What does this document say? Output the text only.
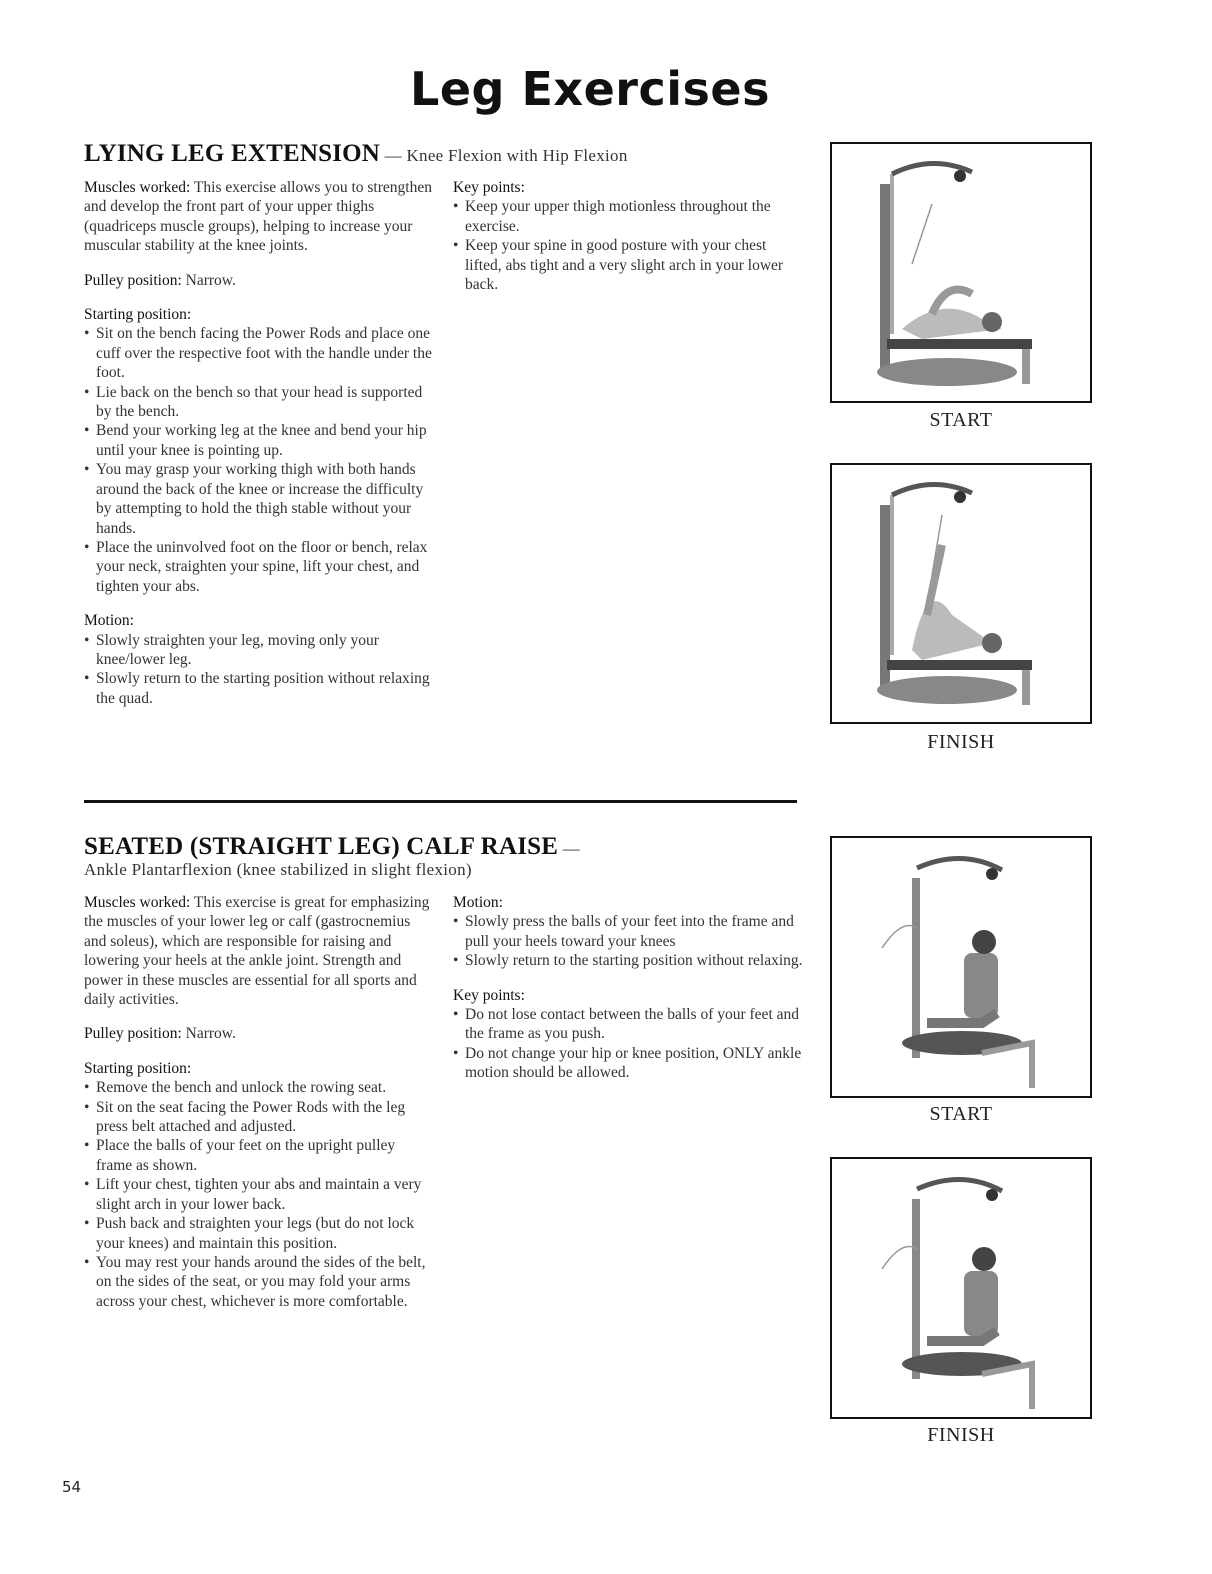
Leg Exercises
LYING LEG EXTENSION — Knee Flexion with Hip Flexion

Muscles worked: This exercise allows you to strengthen and develop the front part of your upper thighs (quadriceps muscle groups), helping to increase your muscular stability at the knee joints.

Pulley position: Narrow.

Starting position:
• Sit on the bench facing the Power Rods and place one cuff over the respective foot with the handle under the foot.
• Lie back on the bench so that your head is supported by the bench.
• Bend your working leg at the knee and bend your hip until your knee is pointing up.
• You may grasp your working thigh with both hands around the back of the knee or increase the difficulty by attempting to hold the thigh stable without your hands.
• Place the uninvolved foot on the floor or bench, relax your neck, straighten your spine, lift your chest, and tighten your abs.
Motion:
• Slowly straighten your leg, moving only your knee/lower leg.
• Slowly return to the starting position without relaxing the quad.
Key points:
• Keep your upper thigh motionless throughout the exercise.
• Keep your spine in good posture with your chest lifted, abs tight and a very slight arch in your lower back.
START
FINISH
SEATED (STRAIGHT LEG) CALF RAISE —
Ankle Plantarflexion (knee stabilized in slight flexion)

Muscles worked: This exercise is great for emphasizing the muscles of your lower leg or calf (gastrocnemius and soleus), which are responsible for raising and lowering your heels at the ankle joint. Strength and power in these muscles are essential for all sports and daily activities.

Pulley position: Narrow.

Starting position:
• Remove the bench and unlock the rowing seat.
• Sit on the seat facing the Power Rods with the leg press belt attached and adjusted.
• Place the balls of your feet on the upright pulley frame as shown.
• Lift your chest, tighten your abs and maintain a very slight arch in your lower back.
• Push back and straighten your legs (but do not lock your knees) and maintain this position.
• You may rest your hands around the sides of the belt, on the sides of the seat, or you may fold your arms across your chest, whichever is more comfortable.
Motion:
• Slowly press the balls of your feet into the frame and pull your heels toward your knees
• Slowly return to the starting position without relaxing.
Key points:
• Do not lose contact between the balls of your feet and the frame as you push.
• Do not change your hip or knee position, ONLY ankle motion should be allowed.
START
FINISH
54
